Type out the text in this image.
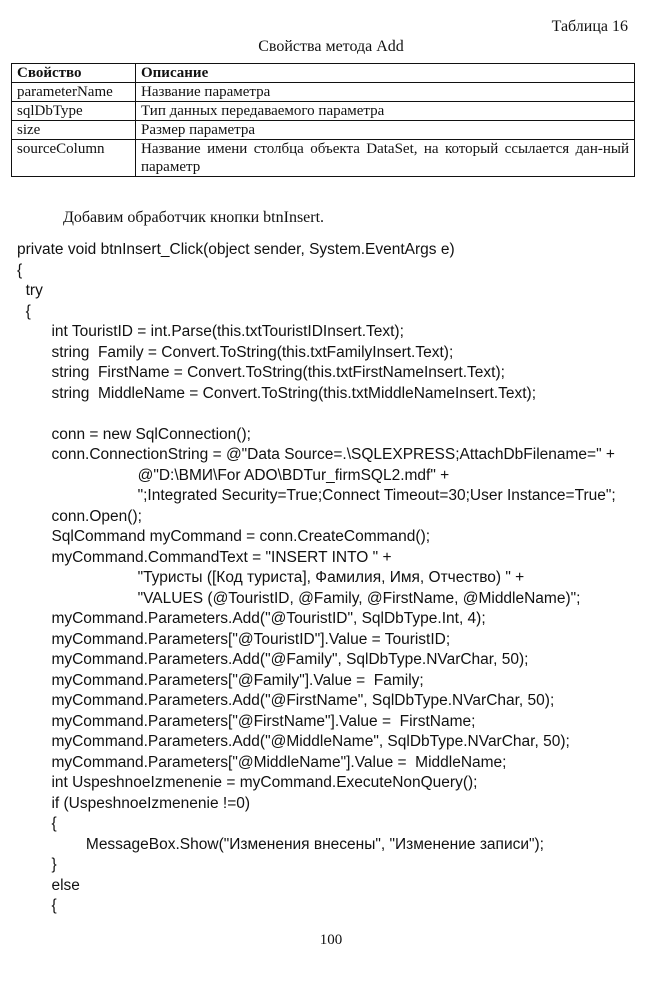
Таблица 16
Свойства метода Add
Свойство	Описание
parameterName	Название параметра
sqlDbType	Тип данных передаваемого параметра
size	Размер параметра
sourceColumn	Название имени столбца объекта DataSet, на который ссылается дан-ный параметр
Добавим обработчик кнопки btnInsert.
private void btnInsert_Click(object sender, System.EventArgs e)
{
try
{
int TouristID = int.Parse(this.txtTouristIDInsert.Text);
string  Family = Convert.ToString(this.txtFamilyInsert.Text);
string  FirstName = Convert.ToString(this.txtFirstNameInsert.Text);
string  MiddleName = Convert.ToString(this.txtMiddleNameInsert.Text);
conn = new SqlConnection();
conn.ConnectionString = @"Data Source=.\SQLEXPRESS;AttachDbFilename=" +
@"D:\ВМИ\For ADO\BDTur_firmSQL2.mdf" +
";Integrated Security=True;Connect Timeout=30;User Instance=True";
conn.Open();
SqlCommand myCommand = conn.CreateCommand();
myCommand.CommandText = "INSERT INTO " +
"Туристы ([Код туриста], Фамилия, Имя, Отчество) " +
"VALUES (@TouristID, @Family, @FirstName, @MiddleName)";
myCommand.Parameters.Add("@TouristID", SqlDbType.Int, 4);
myCommand.Parameters["@TouristID"].Value = TouristID;
myCommand.Parameters.Add("@Family", SqlDbType.NVarChar, 50);
myCommand.Parameters["@Family"].Value =  Family;
myCommand.Parameters.Add("@FirstName", SqlDbType.NVarChar, 50);
myCommand.Parameters["@FirstName"].Value =  FirstName;
myCommand.Parameters.Add("@MiddleName", SqlDbType.NVarChar, 50);
myCommand.Parameters["@MiddleName"].Value =  MiddleName;
int UspeshnoeIzmenenie = myCommand.ExecuteNonQuery();
if (UspeshnoeIzmenenie !=0)
{
MessageBox.Show("Изменения внесены", "Изменение записи");
}
else
{
100
